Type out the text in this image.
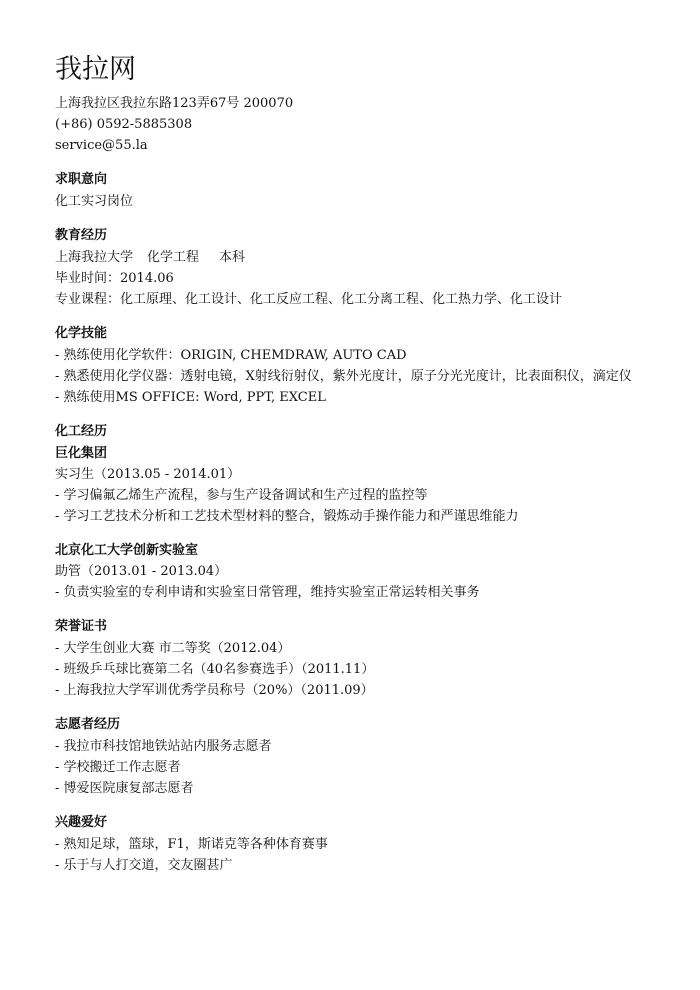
我拉网
上海我拉区我拉东路123弄67号 200070
(+86) 0592-5885308
service@55.la
求职意向
化工实习岗位
教育经历
上海我拉大学 化学工程 本科
毕业时间：2014.06
专业课程：化工原理、化工设计、化工反应工程、化工分离工程、化工热力学、化工设计
化学技能
- 熟练使用化学软件：ORIGIN, CHEMDRAW, AUTO CAD
- 熟悉使用化学仪器：透射电镜，X射线衍射仪，紫外光度计，原子分光光度计，比表面积仪，滴定仪
- 熟练使用MS OFFICE: Word, PPT, EXCEL
化工经历
巨化集团
实习生（2013.05 - 2014.01）
- 学习偏氟乙烯生产流程，参与生产设备调试和生产过程的监控等
- 学习工艺技术分析和工艺技术型材料的整合，锻炼动手操作能力和严谨思维能力
北京化工大学创新实验室
助管（2013.01 - 2013.04）
- 负责实验室的专利申请和实验室日常管理，维持实验室正常运转相关事务
荣誉证书
- 大学生创业大赛 市二等奖（2012.04）
- 班级乒乓球比赛第二名（40名参赛选手）（2011.11）
- 上海我拉大学军训优秀学员称号（20%）（2011.09）
志愿者经历
- 我拉市科技馆地铁站站内服务志愿者
- 学校搬迁工作志愿者
- 博爱医院康复部志愿者
兴趣爱好
- 熟知足球，篮球，F1，斯诺克等各种体育赛事
- 乐于与人打交道，交友圈甚广
